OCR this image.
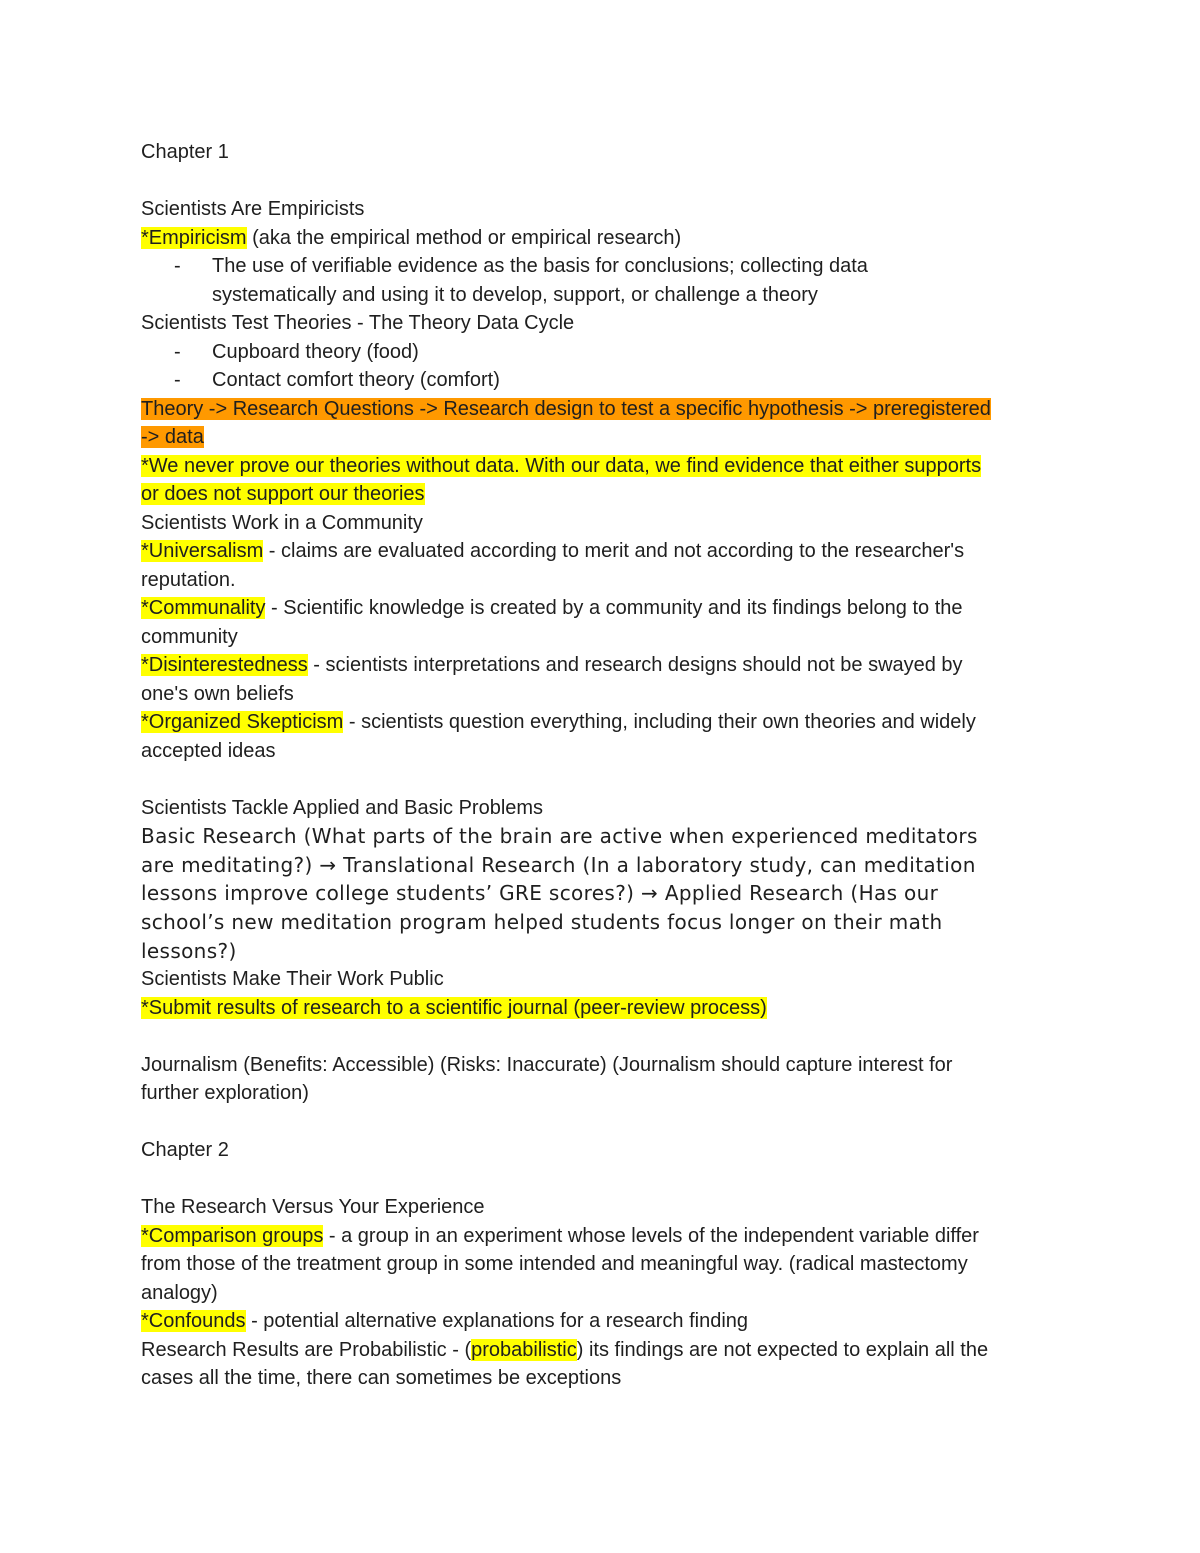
Chapter 1
Scientists Are Empiricists
*Empiricism (aka the empirical method or empirical research)
- The use of verifiable evidence as the basis for conclusions; collecting data
systematically and using it to develop, support, or challenge a theory
Scientists Test Theories - The Theory Data Cycle
- Cupboard theory (food)
- Contact comfort theory (comfort)
Theory -> Research Questions -> Research design to test a specific hypothesis -> preregistered
-> data
*We never prove our theories without data. With our data, we find evidence that either supports
or does not support our theories
Scientists Work in a Community
*Universalism - claims are evaluated according to merit and not according to the researcher's
reputation.
*Communality - Scientific knowledge is created by a community and its findings belong to the
community
*Disinterestedness - scientists interpretations and research designs should not be swayed by
one's own beliefs
*Organized Skepticism - scientists question everything, including their own theories and widely
accepted ideas
Scientists Tackle Applied and Basic Problems
Basic Research (What parts of the brain are active when experienced meditators
are meditating?) → Translational Research (In a laboratory study, can meditation
lessons improve college students’ GRE scores?) → Applied Research (Has our
school’s new meditation program helped students focus longer on their math
lessons?)
Scientists Make Their Work Public
*Submit results of research to a scientific journal (peer-review process)
Journalism (Benefits: Accessible) (Risks: Inaccurate) (Journalism should capture interest for
further exploration)
Chapter 2
The Research Versus Your Experience
*Comparison groups - a group in an experiment whose levels of the independent variable differ
from those of the treatment group in some intended and meaningful way. (radical mastectomy
analogy)
*Confounds - potential alternative explanations for a research finding
Research Results are Probabilistic - (probabilistic) its findings are not expected to explain all the
cases all the time, there can sometimes be exceptions
